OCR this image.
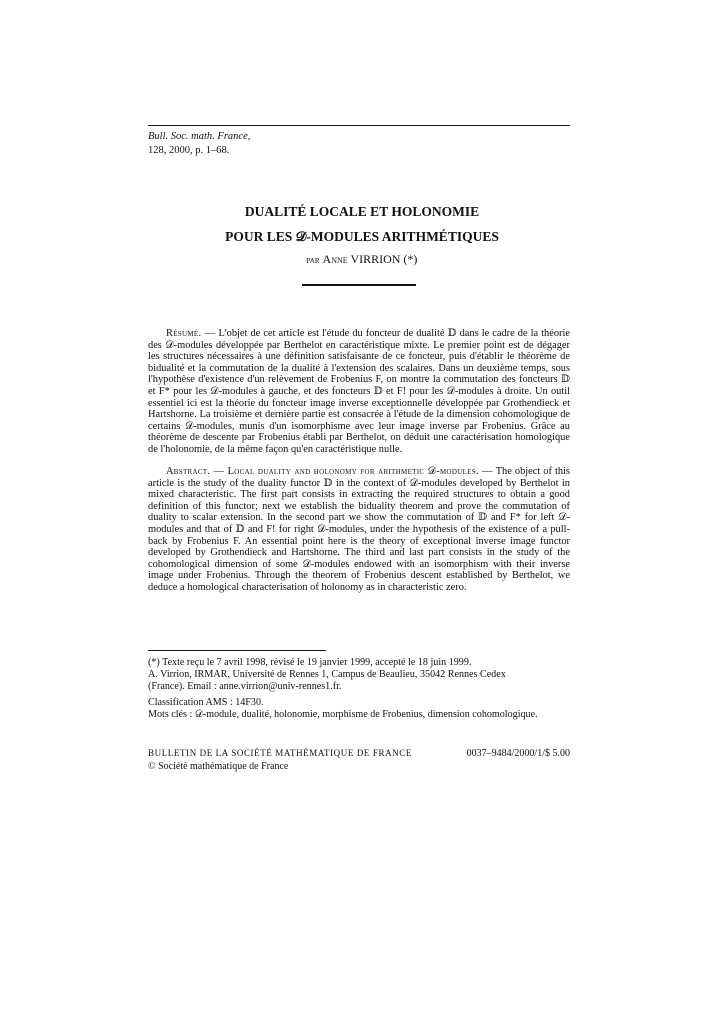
Bull. Soc. math. France,
128, 2000, p. 1–68.
DUALITÉ LOCALE ET HOLONOMIE
POUR LES 𝒟-MODULES ARITHMÉTIQUES
par Anne VIRRION (*)
Résumé. — L'objet de cet article est l'étude du foncteur de dualité 𝔻 dans le cadre de la théorie des 𝒟-modules développée par Berthelot en caractéristique mixte. Le premier point est de dégager les structures nécessaires à une définition satisfaisante de ce foncteur, puis d'établir le théorème de bidualité et la commutation de la dualité à l'extension des scalaires. Dans un deuxième temps, sous l'hypothèse d'existence d'un relèvement de Frobenius F, on montre la commutation des foncteurs 𝔻 et F* pour les 𝒟-modules à gauche, et des foncteurs 𝔻 et F! pour les 𝒟-modules à droite. Un outil essentiel ici est la théorie du foncteur image inverse exceptionnelle développée par Grothendieck et Hartshorne. La troisième et dernière partie est consacrée à l'étude de la dimension cohomologique de certains 𝒟-modules, munis d'un isomorphisme avec leur image inverse par Frobenius. Grâce au théorème de descente par Frobenius établi par Berthelot, on déduit une caractérisation homologique de l'holonomie, de la même façon qu'en caractéristique nulle.
Abstract. — Local duality and holonomy for arithmetic 𝒟-modules. — The object of this article is the study of the duality functor 𝔻 in the context of 𝒟-modules developed by Berthelot in mixed characteristic. The first part consists in extracting the required structures to obtain a good definition of this functor; next we establish the biduality theorem and prove the commutation of duality to scalar extension. In the second part we show the commutation of 𝔻 and F* for left 𝒟-modules and that of 𝔻 and F! for right 𝒟-modules, under the hypothesis of the existence of a pull-back by Frobenius F. An essential point here is the theory of exceptional inverse image functor developed by Grothendieck and Hartshorne. The third and last part consists in the study of the cohomological dimension of some 𝒟-modules endowed with an isomorphism with their inverse image under Frobenius. Through the theorem of Frobenius descent established by Berthelot, we deduce a homological characterisation of holonomy as in characteristic zero.
(*) Texte reçu le 7 avril 1998, révisé le 19 janvier 1999, accepté le 18 juin 1999.
A. Virrion, IRMAR, Université de Rennes 1, Campus de Beaulieu, 35042 Rennes Cedex
(France). Email : anne.virrion@univ-rennes1.fr.
Classification AMS : 14F30.
Mots clés : 𝒟-module, dualité, holonomie, morphisme de Frobenius, dimension cohomologique.
BULLETIN DE LA SOCIÉTÉ MATHÉMATIQUE DE FRANCE	0037–9484/2000/1/$ 5.00
© Société mathématique de France
